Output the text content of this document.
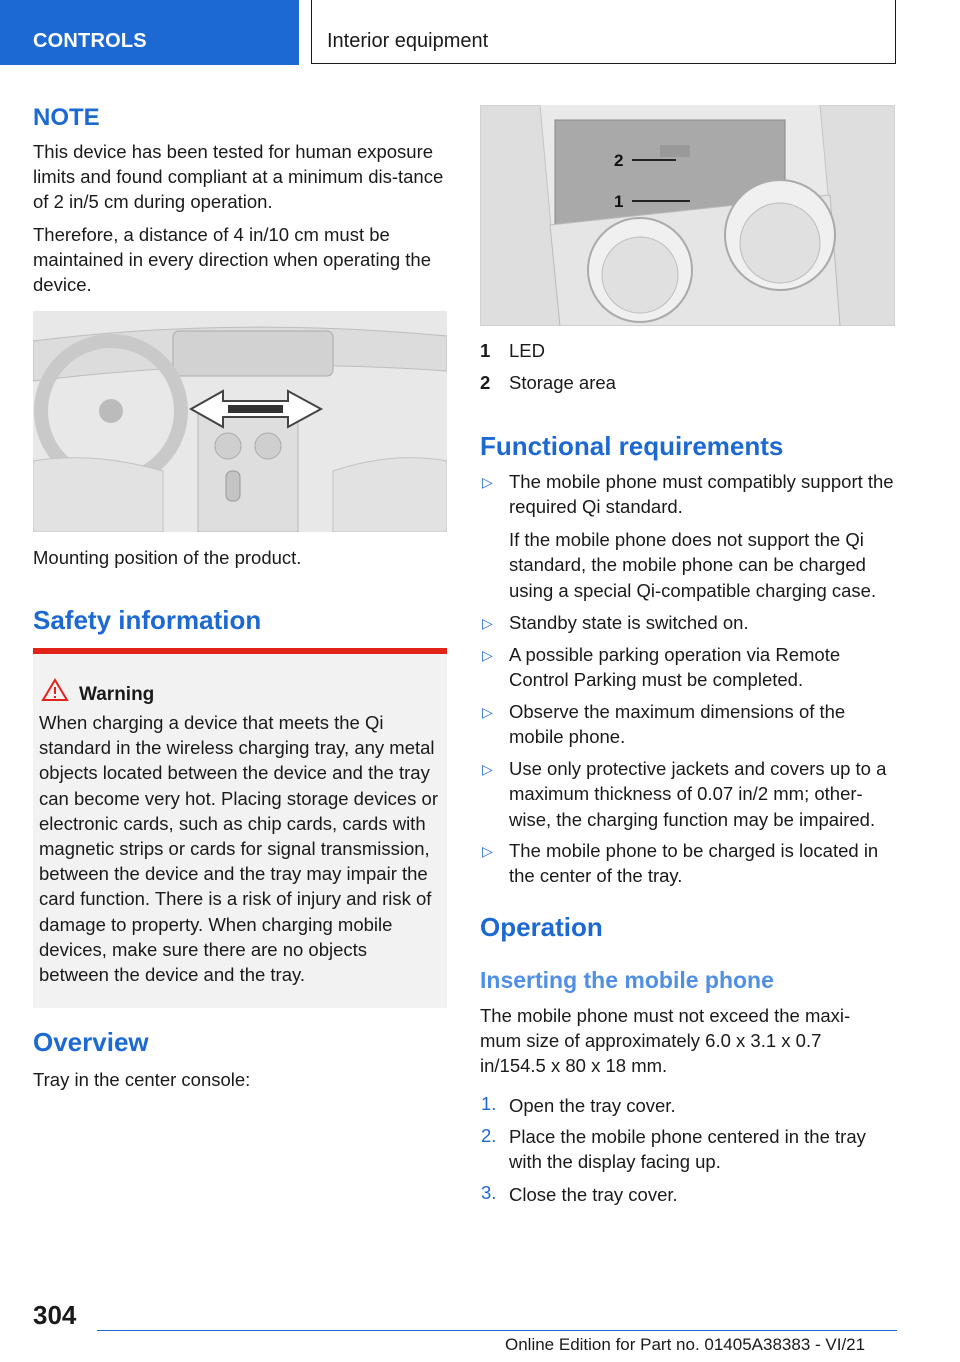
CONTROLS	Interior equipment
NOTE

This device has been tested for human exposure limits and found compliant at a minimum dis-tance of 2 in/5 cm during operation.

Therefore, a distance of 4 in/10 cm must be maintained in every direction when operating the device.

Mounting position of the product.

Safety information
Warning
When charging a device that meets the Qi standard in the wireless charging tray, any metal objects located between the device and the tray can become very hot. Placing storage devices or electronic cards, such as chip cards, cards with magnetic strips or cards for signal transmission, between the device and the tray may impair the card function. There is a risk of injury and risk of damage to property. When charging mobile devices, make sure there are no objects between the device and the tray.
Overview

Tray in the center console:

2
1
1 LED
2 Storage area
Functional requirements
▷ The mobile phone must compatibly support the required Qi standard.
If the mobile phone does not support the Qi standard, the mobile phone can be charged using a special Qi-compatible charging case.
▷ Standby state is switched on.
▷ A possible parking operation via Remote Control Parking must be completed.
▷ Observe the maximum dimensions of the mobile phone.
▷ Use only protective jackets and covers up to a maximum thickness of 0.07 in/2 mm; other-wise, the charging function may be impaired.
▷ The mobile phone to be charged is located in the center of the tray.
Operation
Inserting the mobile phone

The mobile phone must not exceed the maxi-mum size of approximately 6.0 x 3.1 x 0.7 in/154.5 x 80 x 18 mm.

1. Open the tray cover.
2. Place the mobile phone centered in the tray with the display facing up.
3. Close the tray cover.
304
Online Edition for Part no. 01405A38383 - VI/21
